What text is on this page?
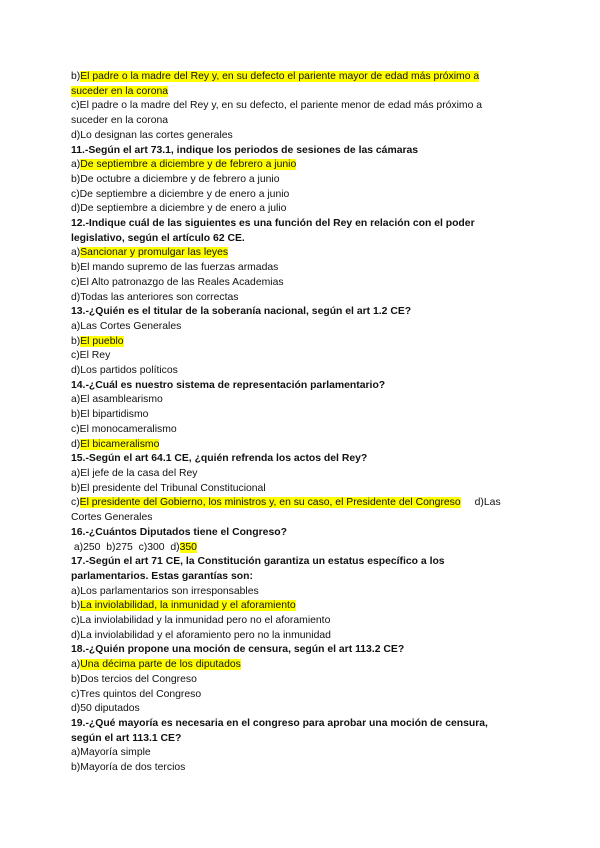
b)El padre o la madre del Rey y, en su defecto el pariente mayor de edad más próximo a
suceder en la corona
c)El padre o la madre del Rey y, en su defecto, el pariente menor de edad más próximo a
suceder en la corona
d)Lo designan las cortes generales
11.-Según el art 73.1, indique los periodos de sesiones de las cámaras
a)De septiembre a diciembre y de febrero a junio
b)De octubre a diciembre y de febrero a junio
c)De septiembre a diciembre y de enero a junio
d)De septiembre a diciembre y de enero a julio
12.-Indique cuál de las siguientes es una función del Rey en relación con el poder
legislativo, según el artículo 62 CE.
a)Sancionar y promulgar las leyes
b)El mando supremo de las fuerzas armadas
c)El Alto patronazgo de las Reales Academias
d)Todas las anteriores son correctas
13.-¿Quién es el titular de la soberanía nacional, según el art 1.2 CE?
a)Las Cortes Generales
b)El pueblo
c)El Rey
d)Los partidos políticos
14.-¿Cuál es nuestro sistema de representación parlamentario?
a)El asamblearismo
b)El bipartidismo
c)El monocameralismo
d)El bicameralismo
15.-Según el art 64.1 CE, ¿quién refrenda los actos del Rey?
a)El jefe de la casa del Rey
b)El presidente del Tribunal Constitucional
c)El presidente del Gobierno, los ministros y, en su caso, el Presidente del Congreso d)Las
Cortes Generales
16.-¿Cuántos Diputados tiene el Congreso?
a)250  b)275  c)300  d)350
17.-Según el art 71 CE, la Constitución garantiza un estatus específico a los
parlamentarios. Estas garantías son:
a)Los parlamentarios son irresponsables
b)La inviolabilidad, la inmunidad y el aforamiento
c)La inviolabilidad y la inmunidad pero no el aforamiento
d)La inviolabilidad y el aforamiento pero no la inmunidad
18.-¿Quién propone una moción de censura, según el art 113.2 CE?
a)Una décima parte de los diputados
b)Dos tercios del Congreso
c)Tres quintos del Congreso
d)50 diputados
19.-¿Qué mayoría es necesaria en el congreso para aprobar una moción de censura,
según el art 113.1 CE?
a)Mayoría simple
b)Mayoría de dos tercios
